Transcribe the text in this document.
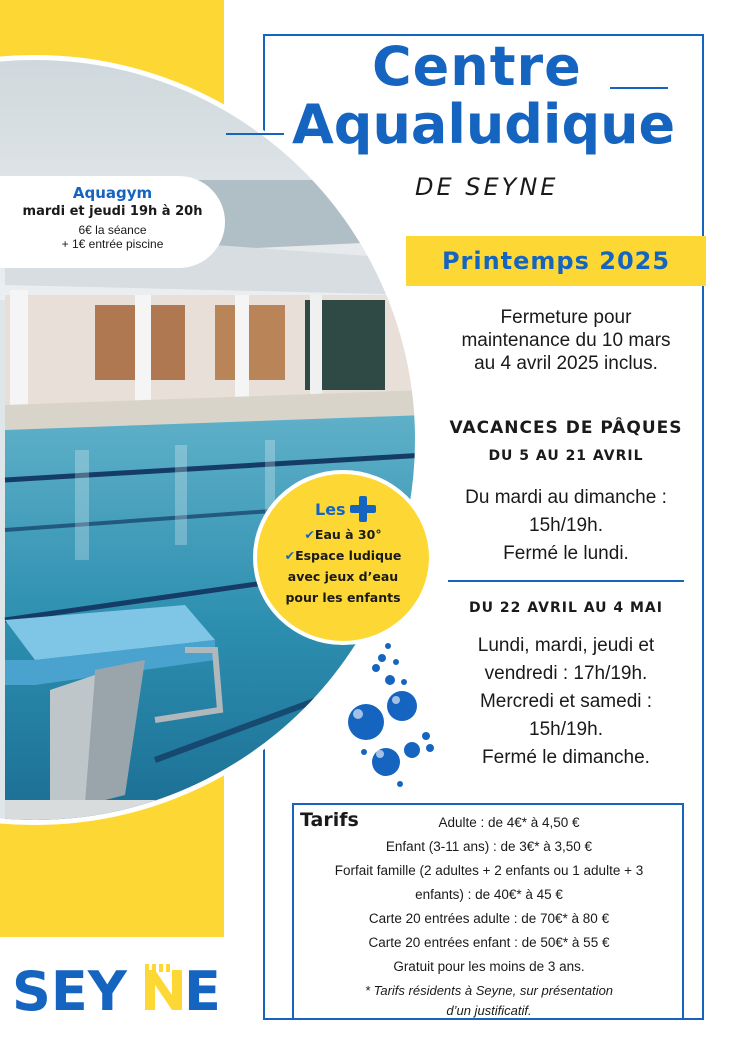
Centre
Aqualudique
DE SEYNE
Printemps 2025
Fermeture pour
maintenance du 10 mars
au 4 avril 2025 inclus.
VACANCES DE PÂQUES
DU 5 AU 21 AVRIL
Du mardi au dimanche :
15h/19h.
Fermé le lundi.
DU 22 AVRIL AU 4 MAI
Lundi, mardi, jeudi et
vendredi : 17h/19h.
Mercredi et samedi :
15h/19h.
Fermé le dimanche.
Aquagym
mardi et jeudi 19h à 20h
6€ la séance
+ 1€ entrée piscine
Les
✔Eau à 30°
✔Espace ludique
avec jeux d’eau
pour les enfants
Tarifs	Adulte : de 4€* à 4,50 €
Enfant (3-11 ans) : de 3€* à 3,50 €
Forfait famille (2 adultes + 2 enfants ou 1 adulte + 3
enfants) : de 40€* à 45 €
Carte 20 entrées adulte : de 70€* à 80 €
Carte 20 entrées enfant : de 50€* à 55 €
Gratuit pour les moins de 3 ans.
* Tarifs résidents à Seyne, sur présentation
d’un justificatif.
SEY E
